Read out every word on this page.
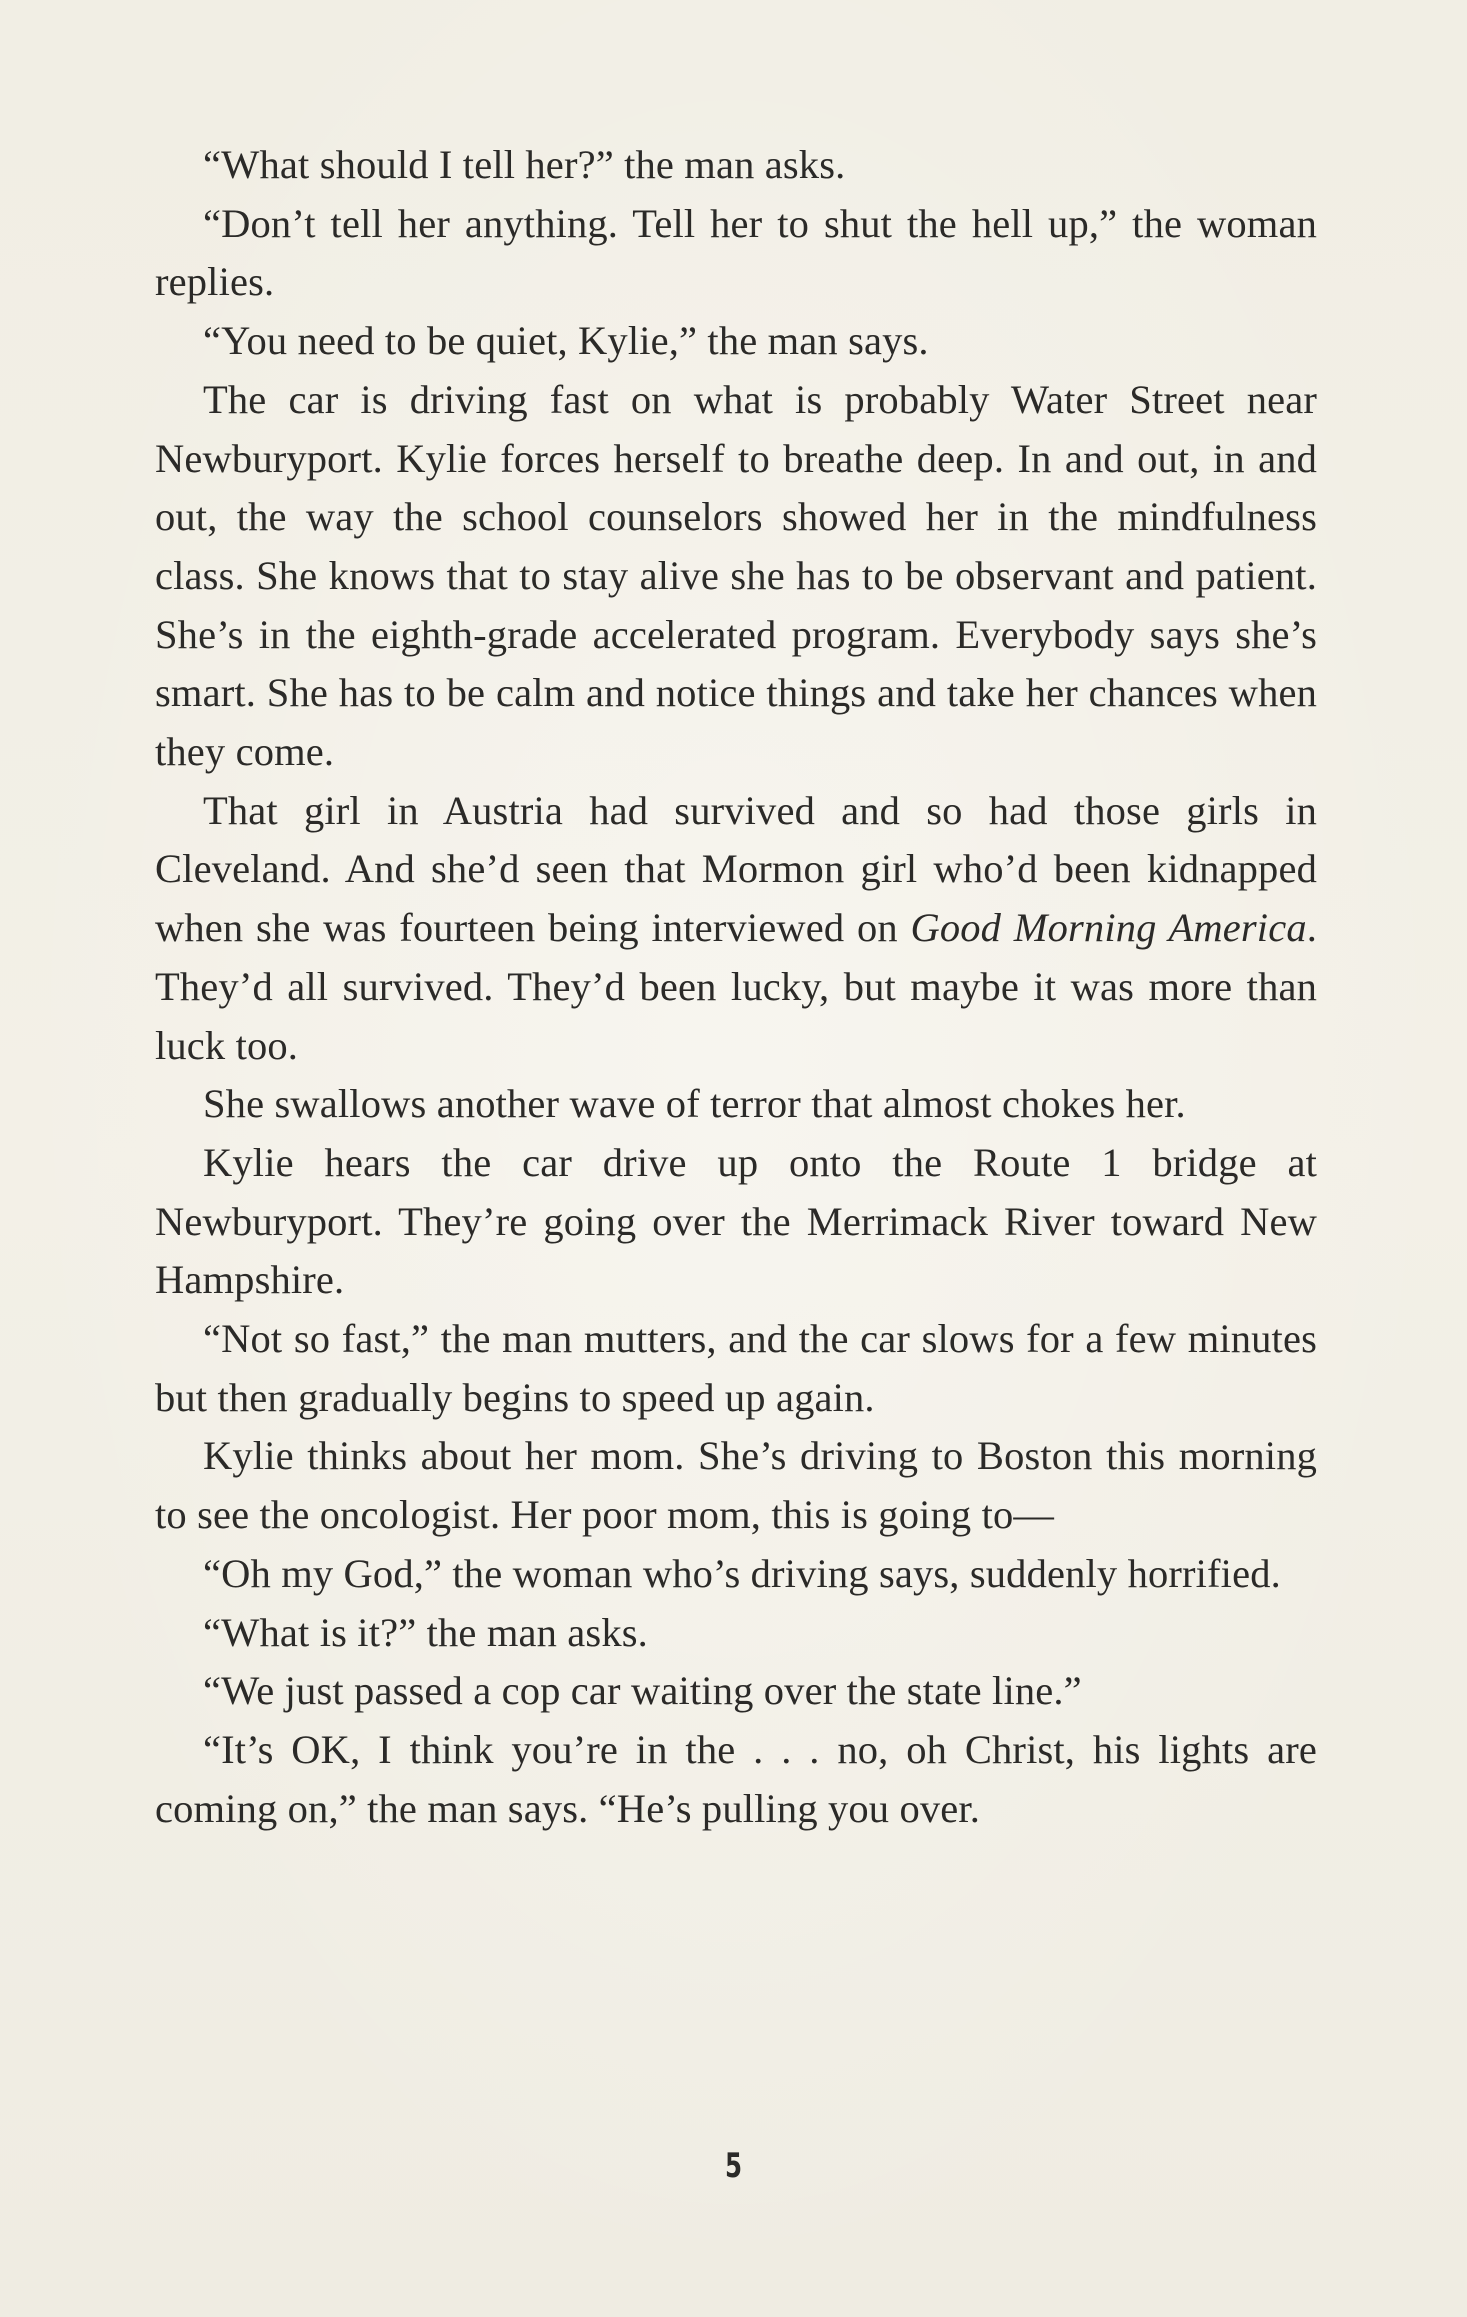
“What should I tell her?” the man asks.

“Don’t tell her anything. Tell her to shut the hell up,” the woman replies.

“You need to be quiet, Kylie,” the man says.

The car is driving fast on what is probably Water Street near Newburyport. Kylie forces herself to breathe deep. In and out, in and out, the way the school counselors showed her in the mindfulness class. She knows that to stay alive she has to be observant and patient. She’s in the eighth-grade accelerated program. Everybody says she’s smart. She has to be calm and notice things and take her chances when they come.

That girl in Austria had survived and so had those girls in Cleveland. And she’d seen that Mormon girl who’d been kidnapped when she was fourteen being interviewed on Good Morning America. They’d all survived. They’d been lucky, but maybe it was more than luck too.

She swallows another wave of terror that almost chokes her.

Kylie hears the car drive up onto the Route 1 bridge at Newburyport. They’re going over the Merrimack River toward New Hampshire.

“Not so fast,” the man mutters, and the car slows for a few minutes but then gradually begins to speed up again.

Kylie thinks about her mom. She’s driving to Boston this morning to see the oncologist. Her poor mom, this is going to—

“Oh my God,” the woman who’s driving says, suddenly horrified.

“What is it?” the man asks.

“We just passed a cop car waiting over the state line.”

“It’s OK, I think you’re in the . . . no, oh Christ, his lights are coming on,” the man says. “He’s pulling you over.

5
